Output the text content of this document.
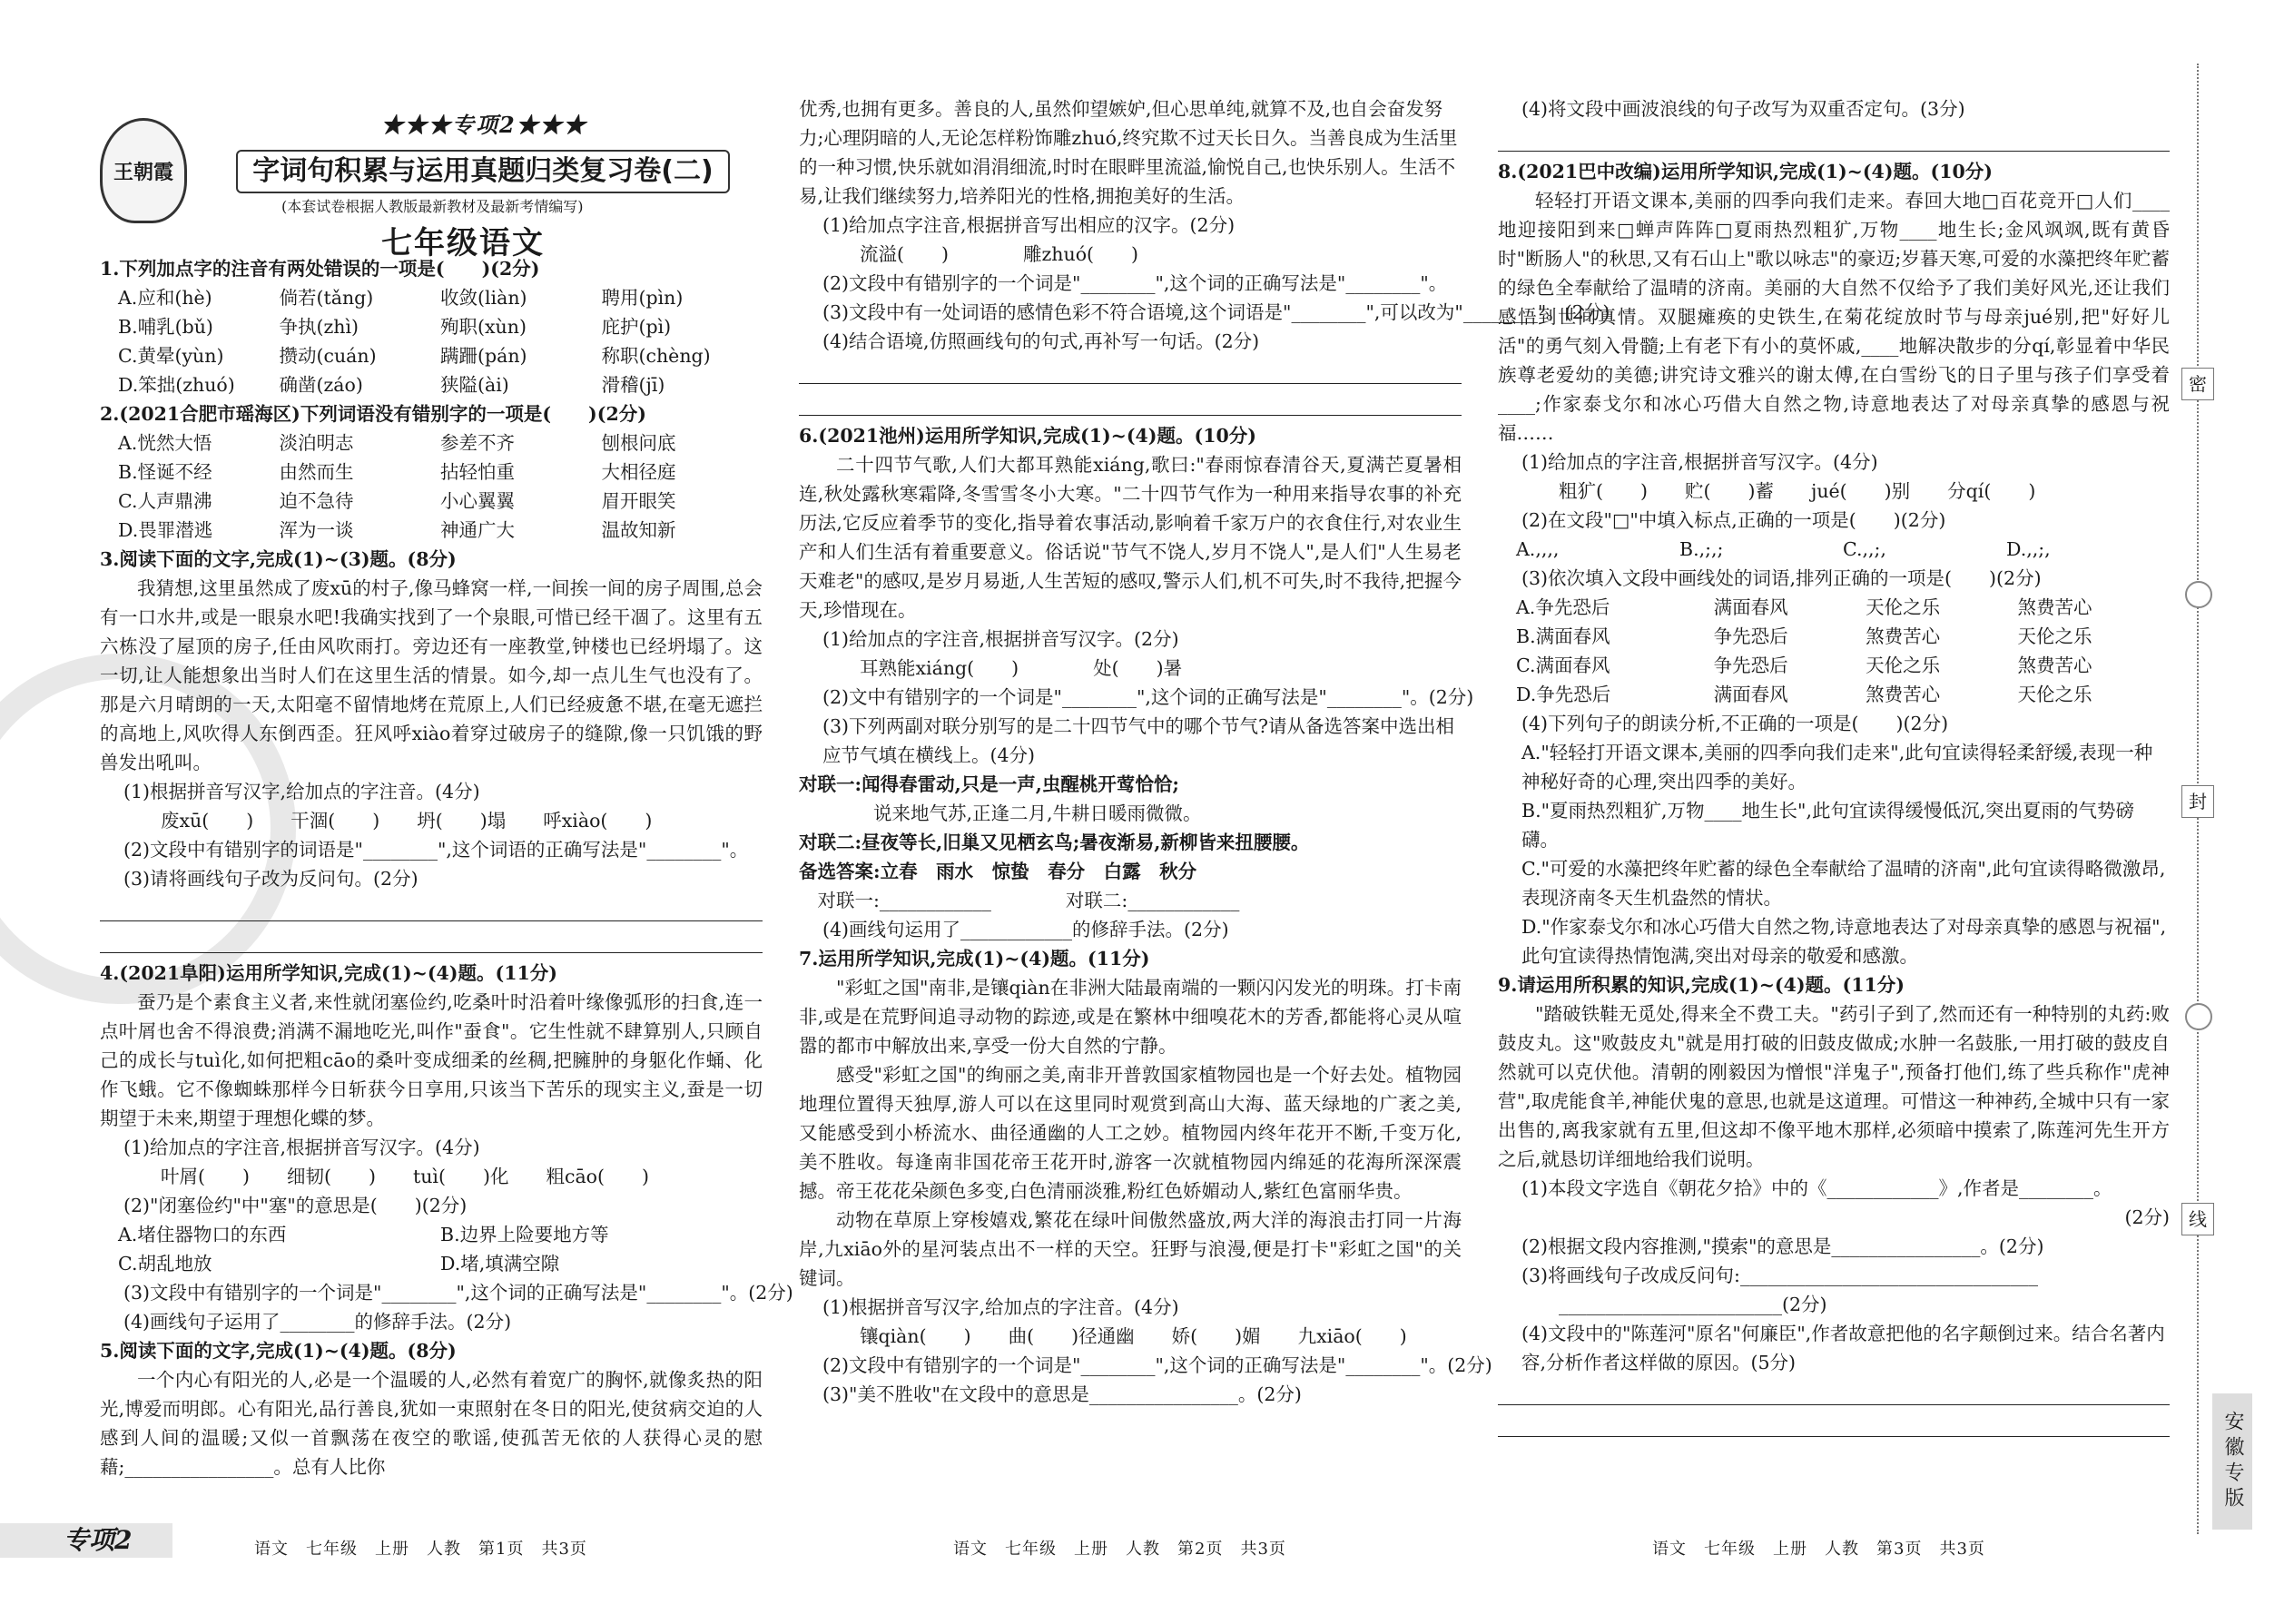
王朝霞
★★★专项2★★★
字词句积累与运用真题归类复习卷(二)
(本套试卷根据人教版最新教材及最新考情编写)
七年级语文
1.下列加点字的注音有两处错误的一项是(　　)(2分)
A.应和(hè)	倘若(tǎng)	收敛(liàn)	聘用(pìn)
B.哺乳(bǔ)	争执(zhì)	殉职(xùn)	庇护(pì)
C.黄晕(yùn)	攒动(cuán)	蹒跚(pán)	称职(chèng)
D.笨拙(zhuó)	确凿(záo)	狭隘(ài)	滑稽(jī)
2.(2021合肥市瑶海区)下列词语没有错别字的一项是(　　)(2分)
A.恍然大悟	淡泊明志	参差不齐	刨根问底
B.怪诞不经	由然而生	拈轻怕重	大相径庭
C.人声鼎沸	迫不急待	小心翼翼	眉开眼笑
D.畏罪潜逃	浑为一谈	神通广大	温故知新
3.阅读下面的文字,完成(1)~(3)题。(8分)
我猜想,这里虽然成了废xū的村子,像马蜂窝一样,一间挨一间的房子周围,总会有一口水井,或是一眼泉水吧!我确实找到了一个泉眼,可惜已经干凅了。这里有五六栋没了屋顶的房子,任由风吹雨打。旁边还有一座教堂,钟楼也已经坍塌了。这一切,让人能想象出当时人们在这里生活的情景。如今,却一点儿生气也没有了。那是六月晴朗的一天,太阳毫不留情地烤在荒原上,人们已经疲惫不堪,在毫无遮拦的高地上,风吹得人东倒西歪。狂风呼xiào着穿过破房子的缝隙,像一只饥饿的野兽发出吼叫。
(1)根据拼音写汉字,给加点的字注音。(4分)
　　废xū(　　)　　干涸(　　)　　坍(　　)塌　　呼xiào(　　)
(2)文段中有错别字的词语是"________",这个词语的正确写法是"________"。
(3)请将画线句子改为反问句。(2分)
4.(2021阜阳)运用所学知识,完成(1)~(4)题。(11分)
蚕乃是个素食主义者,来性就闭塞俭约,吃桑叶时沿着叶缘像弧形的扫食,连一点叶屑也舍不得浪费;消满不漏地吃光,叫作"蚕食"。它生性就不肆算别人,只顾自己的成长与tuì化,如何把粗cāo的桑叶变成细柔的丝稠,把臃肿的身躯化作蛹、化作飞蛾。它不像蜘蛛那样今日斩获今日享用,只该当下苦乐的现实主义,蚕是一切期望于未来,期望于理想化蝶的梦。
(1)给加点的字注音,根据拼音写汉字。(4分)
　　叶屑(　　)　　细韧(　　)　　tuì(　　)化　　粗cāo(　　)
(2)"闭塞俭约"中"塞"的意思是(　　)(2分)
A.堵住器物口的东西	B.边界上险要地方等
C.胡乱地放	D.堵,填满空隙
(3)文段中有错别字的一个词是"________",这个词的正确写法是"________"。(2分)
(4)画线句子运用了________的修辞手法。(2分)
5.阅读下面的文字,完成(1)~(4)题。(8分)
一个内心有阳光的人,必是一个温暖的人,必然有着宽广的胸怀,就像炙热的阳光,博爱而明郎。心有阳光,品行善良,犹如一束照射在冬日的阳光,使贫病交迫的人感到人间的温暖;又似一首飘荡在夜空的歌谣,使孤苦无依的人获得心灵的慰藉;________________。总有人比你
优秀,也拥有更多。善良的人,虽然仰望嫉妒,但心思单纯,就算不及,也自会奋发努力;心理阴暗的人,无论怎样粉饰雕zhuó,终究欺不过天长日久。当善良成为生活里的一种习惯,快乐就如涓涓细流,时时在眼畔里流溢,愉悦自己,也快乐别人。生活不易,让我们继续努力,培养阳光的性格,拥抱美好的生活。
(1)给加点字注音,根据拼音写出相应的汉字。(2分)
　　流溢(　　)　　　　雕zhuó(　　)
(2)文段中有错别字的一个词是"________",这个词的正确写法是"________"。
(3)文段中有一处词语的感情色彩不符合语境,这个词语是"________",可以改为"________"。(2分)
(4)结合语境,仿照画线句的句式,再补写一句话。(2分)
6.(2021池州)运用所学知识,完成(1)~(4)题。(10分)
二十四节气歌,人们大都耳熟能xiáng,歌曰:"春雨惊春清谷天,夏满芒夏暑相连,秋处露秋寒霜降,冬雪雪冬小大寒。"二十四节气作为一种用来指导农事的补充历法,它反应着季节的变化,指导着农事活动,影响着千家万户的衣食住行,对农业生产和人们生活有着重要意义。俗话说"节气不饶人,岁月不饶人",是人们"人生易老天难老"的感叹,是岁月易逝,人生苦短的感叹,警示人们,机不可失,时不我待,把握今天,珍惜现在。
(1)给加点的字注音,根据拼音写汉字。(2分)
　　耳熟能xiáng(　　)　　　　处(　　)暑
(2)文中有错别字的一个词是"________",这个词的正确写法是"________"。(2分)
(3)下列两副对联分别写的是二十四节气中的哪个节气?请从备选答案中选出相应节气填在横线上。(4分)
对联一:闻得春雷动,只是一声,虫醒桃开莺恰恰;
　　　　说来地气苏,正逢二月,牛耕日暖雨微微。
对联二:昼夜等长,旧巢又见栖玄鸟;暑夜渐易,新柳皆来扭腰腰。
备选答案:立春　雨水　惊蛰　春分　白露　秋分
　对联一:____________　　　　对联二:____________
(4)画线句运用了____________的修辞手法。(2分)
7.运用所学知识,完成(1)~(4)题。(11分)
"彩虹之国"南非,是镶qiàn在非洲大陆最南端的一颗闪闪发光的明珠。打卡南非,或是在荒野间追寻动物的踪迹,或是在繁林中细嗅花木的芳香,都能将心灵从喧嚣的都市中解放出来,享受一份大自然的宁静。
感受"彩虹之国"的绚丽之美,南非开普敦国家植物园也是一个好去处。植物园地理位置得天独厚,游人可以在这里同时观赏到高山大海、蓝天绿地的广袤之美,又能感受到小桥流水、曲径通幽的人工之妙。植物园内终年花开不断,千变万化,美不胜收。每逢南非国花帝王花开时,游客一次就植物园内绵延的花海所深深震撼。帝王花花朵颜色多变,白色清丽淡雅,粉红色娇媚动人,紫红色富丽华贵。
动物在草原上穿梭嬉戏,繁花在绿叶间傲然盛放,两大洋的海浪击打同一片海岸,九xiāo外的星河装点出不一样的天空。狂野与浪漫,便是打卡"彩虹之国"的关键词。
(1)根据拼音写汉字,给加点的字注音。(4分)
　　镶qiàn(　　)　　曲(　　)径通幽　　娇(　　)媚　　九xiāo(　　)
(2)文段中有错别字的一个词是"________",这个词的正确写法是"________"。(2分)
(3)"美不胜收"在文段中的意思是________________。(2分)
(4)将文段中画波浪线的句子改写为双重否定句。(3分)
8.(2021巴中改编)运用所学知识,完成(1)~(4)题。(10分)
轻轻打开语文课本,美丽的四季向我们走来。春回大地□百花竞开□人们____地迎接阳到来□蝉声阵阵□夏雨热烈粗犷,万物____地生长;金风飒飒,既有黄昏时"断肠人"的秋思,又有石山上"歌以咏志"的豪迈;岁暮天寒,可爱的水藻把终年贮蓄的绿色全奉献给了温晴的济南。美丽的大自然不仅给予了我们美好风光,还让我们感悟到世间真情。双腿瘫痪的史铁生,在菊花绽放时节与母亲jué别,把"好好儿活"的勇气刻入骨髓;上有老下有小的莫怀戚,____地解决散步的分qí,彰显着中华民族尊老爱幼的美德;讲究诗文雅兴的谢太傅,在白雪纷飞的日子里与孩子们享受着____;作家泰戈尔和冰心巧借大自然之物,诗意地表达了对母亲真挚的感恩与祝福……
(1)给加点的字注音,根据拼音写汉字。(4分)
　　粗犷(　　)　　贮(　　)蓄　　jué(　　)别　　分qí(　　)
(2)在文段"□"中填入标点,正确的一项是(　　)(2分)
A.,,,,	B.,;,;	C.,,;,	D.,,;,
(3)依次填入文段中画线处的词语,排列正确的一项是(　　)(2分)
A.争先恐后	满面春风	天伦之乐	煞费苦心
B.满面春风	争先恐后	煞费苦心	天伦之乐
C.满面春风	争先恐后	天伦之乐	煞费苦心
D.争先恐后	满面春风	煞费苦心	天伦之乐
(4)下列句子的朗读分析,不正确的一项是(　　)(2分)
A."轻轻打开语文课本,美丽的四季向我们走来",此句宜读得轻柔舒缓,表现一种神秘好奇的心理,突出四季的美好。
B."夏雨热烈粗犷,万物____地生长",此句宜读得缓慢低沉,突出夏雨的气势磅礴。
C."可爱的水藻把终年贮蓄的绿色全奉献给了温晴的济南",此句宜读得略微激昂,表现济南冬天生机盎然的情状。
D."作家泰戈尔和冰心巧借大自然之物,诗意地表达了对母亲真挚的感恩与祝福",此句宜读得热情饱满,突出对母亲的敬爱和感激。
9.请运用所积累的知识,完成(1)~(4)题。(11分)
"踏破铁鞋无觅处,得来全不费工夫。"药引子到了,然而还有一种特别的丸药:败鼓皮丸。这"败鼓皮丸"就是用打破的旧鼓皮做成;水肿一名鼓胀,一用打破的鼓皮自然就可以克伏他。清朝的刚毅因为憎恨"洋鬼子",预备打他们,练了些兵称作"虎神营",取虎能食羊,神能伏鬼的意思,也就是这道理。可惜这一种神药,全城中只有一家出售的,离我家就有五里,但这却不像平地木那样,必须暗中摸索了,陈莲河先生开方之后,就恳切详细地给我们说明。
(1)本段文字选自《朝花夕拾》中的《____________》,作者是________。
(2分)
(2)根据文段内容推测,"摸索"的意思是________________。(2分)
(3)将画线句子改成反问句:________________________________
　　________________________(2分)
(4)文段中的"陈莲河"原名"何廉臣",作者故意把他的名字颠倒过来。结合名著内容,分析作者这样做的原因。(5分)
专项2	语文　七年级　上册　人教　第1页　共3页	语文　七年级　上册　人教　第2页　共3页	语文　七年级　上册　人教　第3页　共3页
密
封
线
安徽专版
